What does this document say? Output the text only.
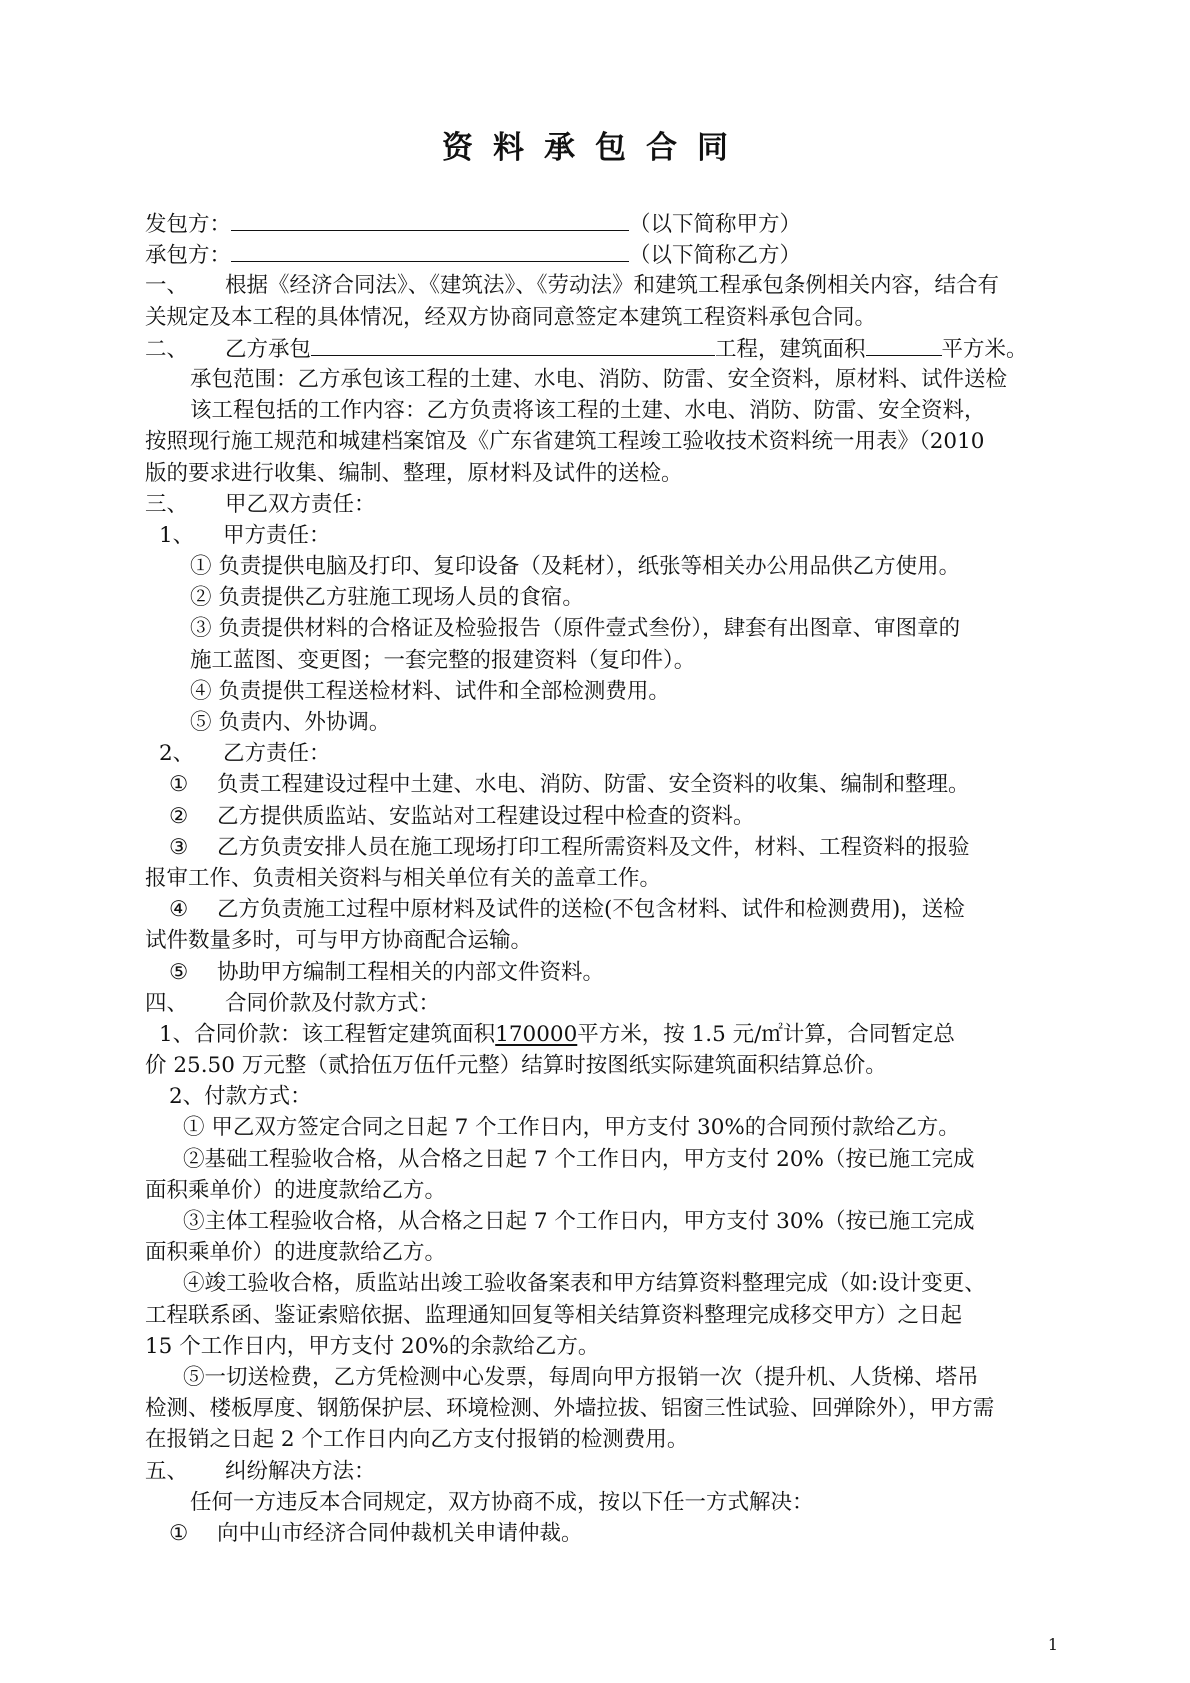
资料承包合同
发包方：	（以下简称甲方）
承包方：	（以下简称乙方）
一、 根据《经济合同法》、《建筑法》、《劳动法》和建筑工程承包条例相关内容，结合有
关规定及本工程的具体情况，经双方协商同意签定本建筑工程资料承包合同。
二、 乙方承包	工程，建筑面积	平方米。
承包范围：乙方承包该工程的土建、水电、消防、防雷、安全资料，原材料、试件送检
该工程包括的工作内容：乙方负责将该工程的土建、水电、消防、防雷、安全资料，
按照现行施工规范和城建档案馆及《广东省建筑工程竣工验收技术资料统一用表》（2010
版的要求进行收集、编制、整理，原材料及试件的送检。
三、 甲乙双方责任：
1、 甲方责任：
① 负责提供电脑及打印、复印设备（及耗材），纸张等相关办公用品供乙方使用。
② 负责提供乙方驻施工现场人员的食宿。
③ 负责提供材料的合格证及检验报告（原件壹式叁份），肆套有出图章、审图章的
施工蓝图、变更图；一套完整的报建资料（复印件）。
④ 负责提供工程送检材料、试件和全部检测费用。
⑤ 负责内、外协调。
2、 乙方责任：
① 负责工程建设过程中土建、水电、消防、防雷、安全资料的收集、编制和整理。
② 乙方提供质监站、安监站对工程建设过程中检查的资料。
③ 乙方负责安排人员在施工现场打印工程所需资料及文件，材料、工程资料的报验
报审工作、负责相关资料与相关单位有关的盖章工作。
④ 乙方负责施工过程中原材料及试件的送检(不包含材料、试件和检测费用)，送检
试件数量多时，可与甲方协商配合运输。
⑤ 协助甲方编制工程相关的内部文件资料。
四、 合同价款及付款方式：
1、合同价款：该工程暂定建筑面积170000平方米，按 1.5 元/㎡计算，合同暂定总
价 25.50 万元整（贰拾伍万伍仟元整）结算时按图纸实际建筑面积结算总价。
2、付款方式：
① 甲乙双方签定合同之日起 7 个工作日内，甲方支付 30%的合同预付款给乙方。
②基础工程验收合格，从合格之日起 7 个工作日内，甲方支付 20%（按已施工完成
面积乘单价）的进度款给乙方。
③主体工程验收合格，从合格之日起 7 个工作日内，甲方支付 30%（按已施工完成
面积乘单价）的进度款给乙方。
④竣工验收合格，质监站出竣工验收备案表和甲方结算资料整理完成（如:设计变更、
工程联系函、鉴证索赔依据、监理通知回复等相关结算资料整理完成移交甲方）之日起
15 个工作日内，甲方支付 20%的余款给乙方。
⑤一切送检费，乙方凭检测中心发票，每周向甲方报销一次（提升机、人货梯、塔吊
检测、楼板厚度、钢筋保护层、环境检测、外墙拉拔、铝窗三性试验、回弹除外），甲方需
在报销之日起 2 个工作日内向乙方支付报销的检测费用。
五、 纠纷解决方法：
任何一方违反本合同规定，双方协商不成，按以下任一方式解决：
① 向中山市经济合同仲裁机关申请仲裁。
1
